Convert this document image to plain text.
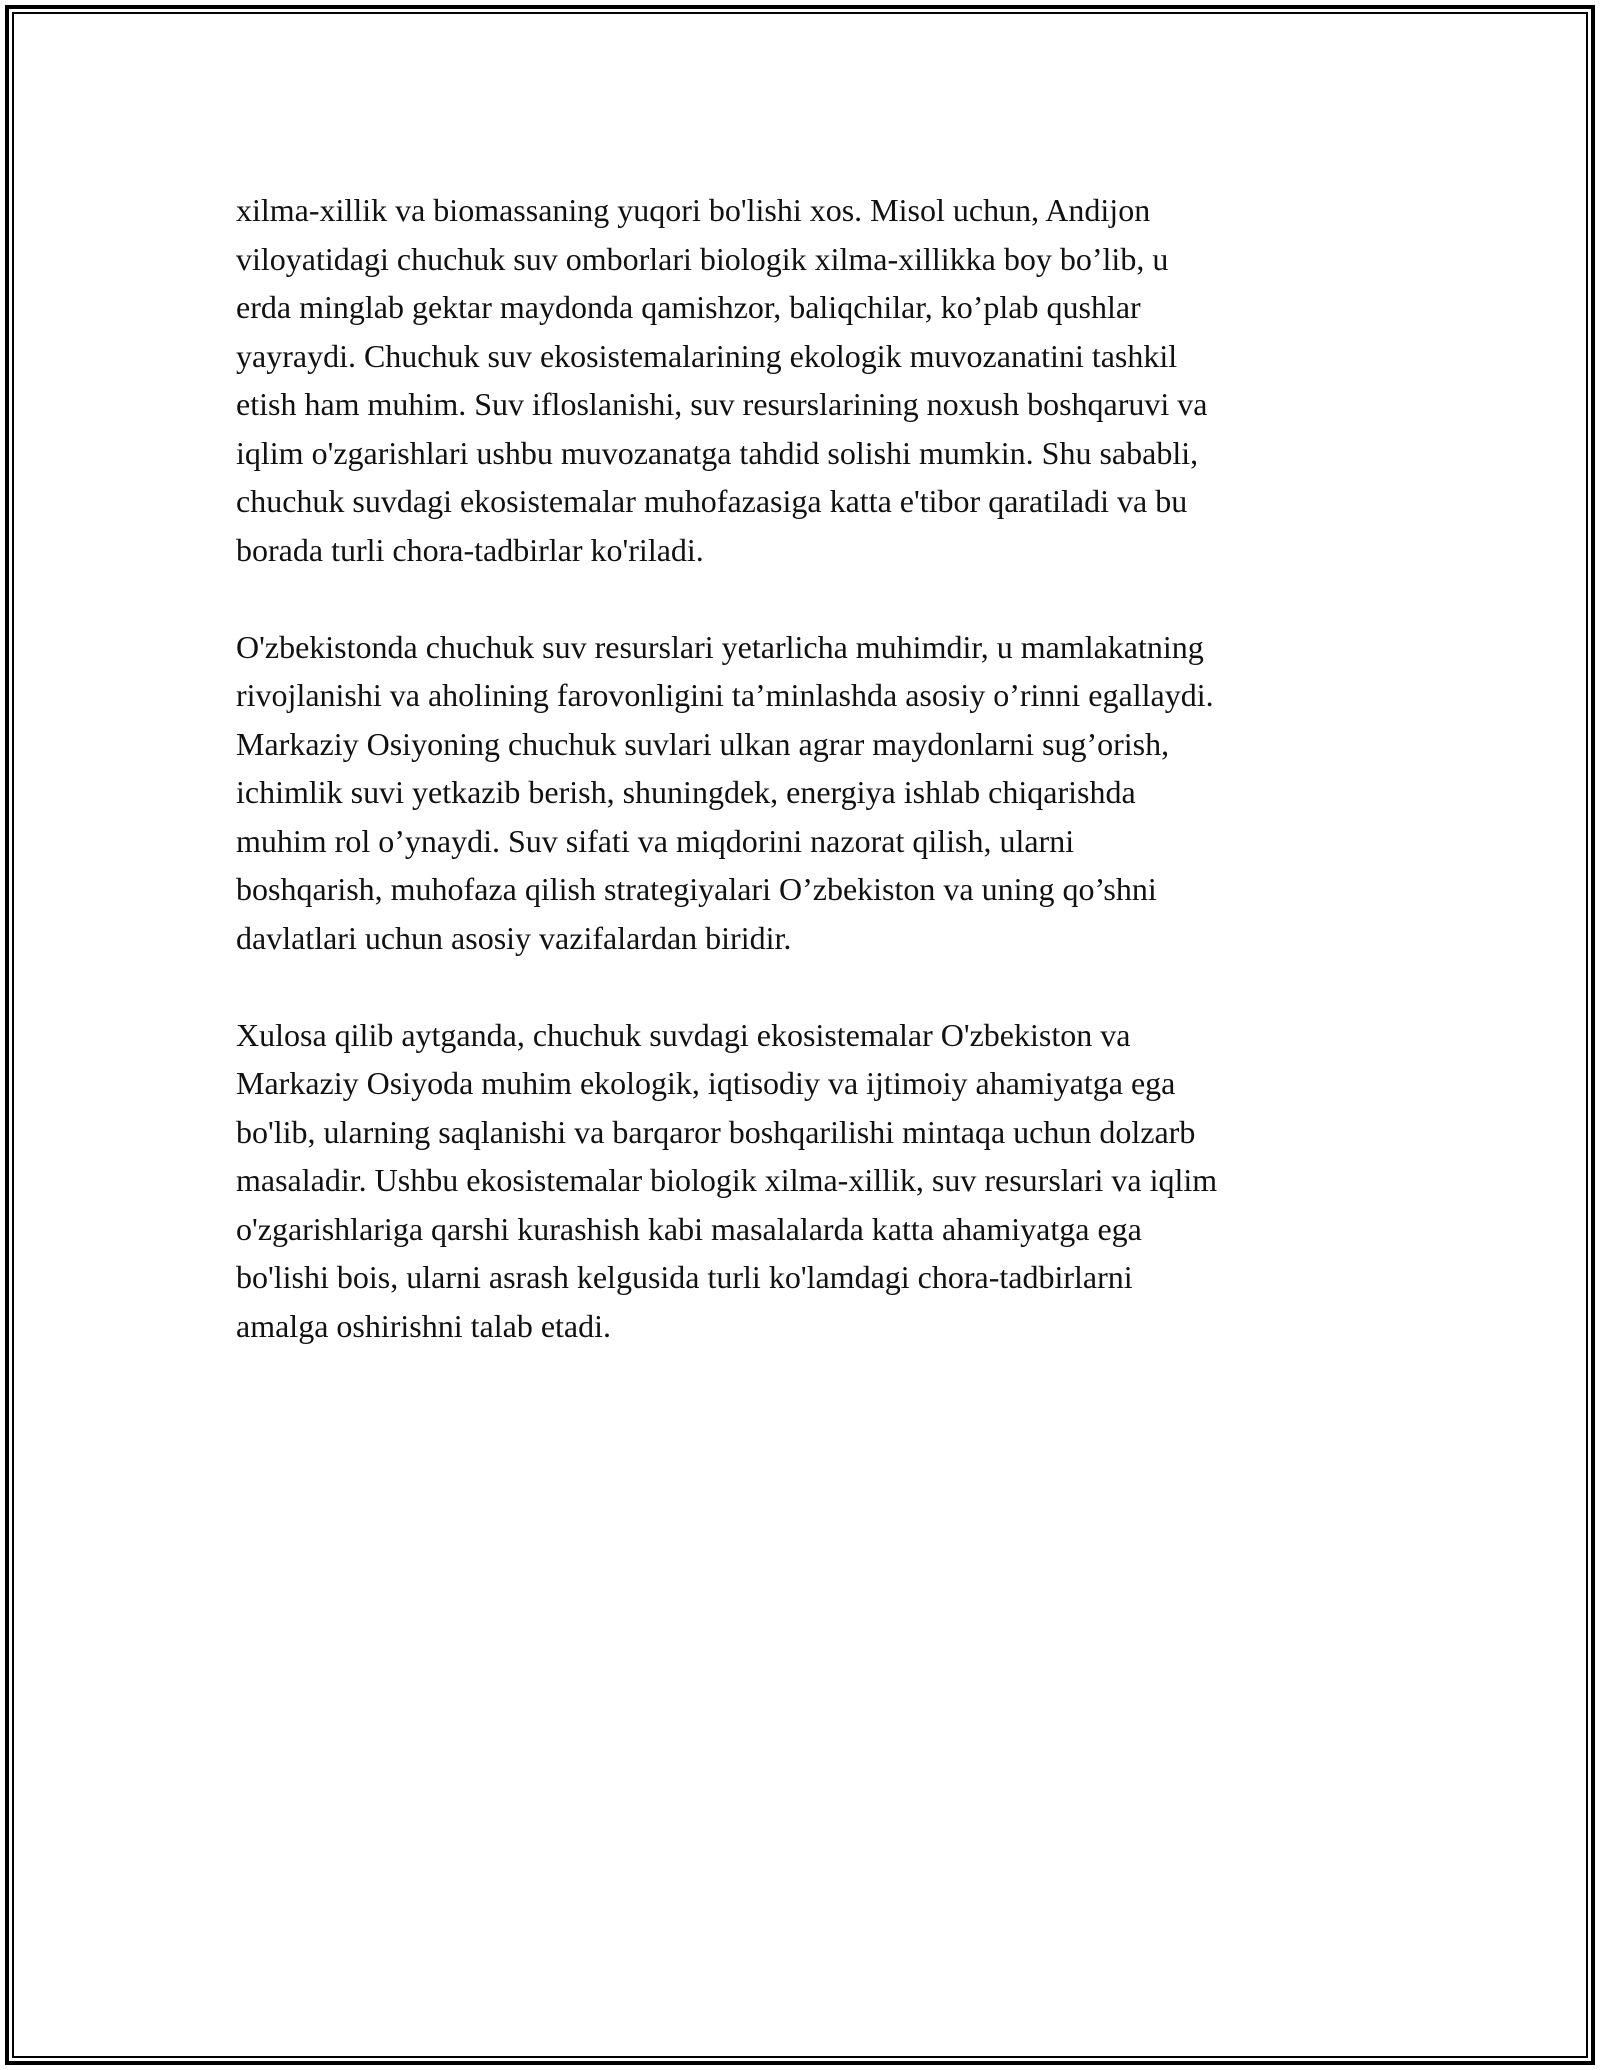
xilma-xillik va biomassaning yuqori bo'lishi xos. Misol uchun, Andijon
viloyatidagi chuchuk suv omborlari biologik xilma-xillikka boy bo’lib, u
erda minglab gektar maydonda qamishzor, baliqchilar, ko’plab qushlar
yayraydi. Chuchuk suv ekosistemalarining ekologik muvozanatini tashkil
etish ham muhim. Suv ifloslanishi, suv resurslarining noxush boshqaruvi va
iqlim o'zgarishlari ushbu muvozanatga tahdid solishi mumkin. Shu sababli,
chuchuk suvdagi ekosistemalar muhofazasiga katta e'tibor qaratiladi va bu
borada turli chora-tadbirlar ko'riladi.
O'zbekistonda chuchuk suv resurslari yetarlicha muhimdir, u mamlakatning
rivojlanishi va aholining farovonligini ta’minlashda asosiy o’rinni egallaydi.
Markaziy Osiyoning chuchuk suvlari ulkan agrar maydonlarni sug’orish,
ichimlik suvi yetkazib berish, shuningdek, energiya ishlab chiqarishda
muhim rol o’ynaydi. Suv sifati va miqdorini nazorat qilish, ularni
boshqarish, muhofaza qilish strategiyalari O’zbekiston va uning qo’shni
davlatlari uchun asosiy vazifalardan biridir.
Xulosa qilib aytganda, chuchuk suvdagi ekosistemalar O'zbekiston va
Markaziy Osiyoda muhim ekologik, iqtisodiy va ijtimoiy ahamiyatga ega
bo'lib, ularning saqlanishi va barqaror boshqarilishi mintaqa uchun dolzarb
masaladir. Ushbu ekosistemalar biologik xilma-xillik, suv resurslari va iqlim
o'zgarishlariga qarshi kurashish kabi masalalarda katta ahamiyatga ega
bo'lishi bois, ularni asrash kelgusida turli ko'lamdagi chora-tadbirlarni
amalga oshirishni talab etadi.
